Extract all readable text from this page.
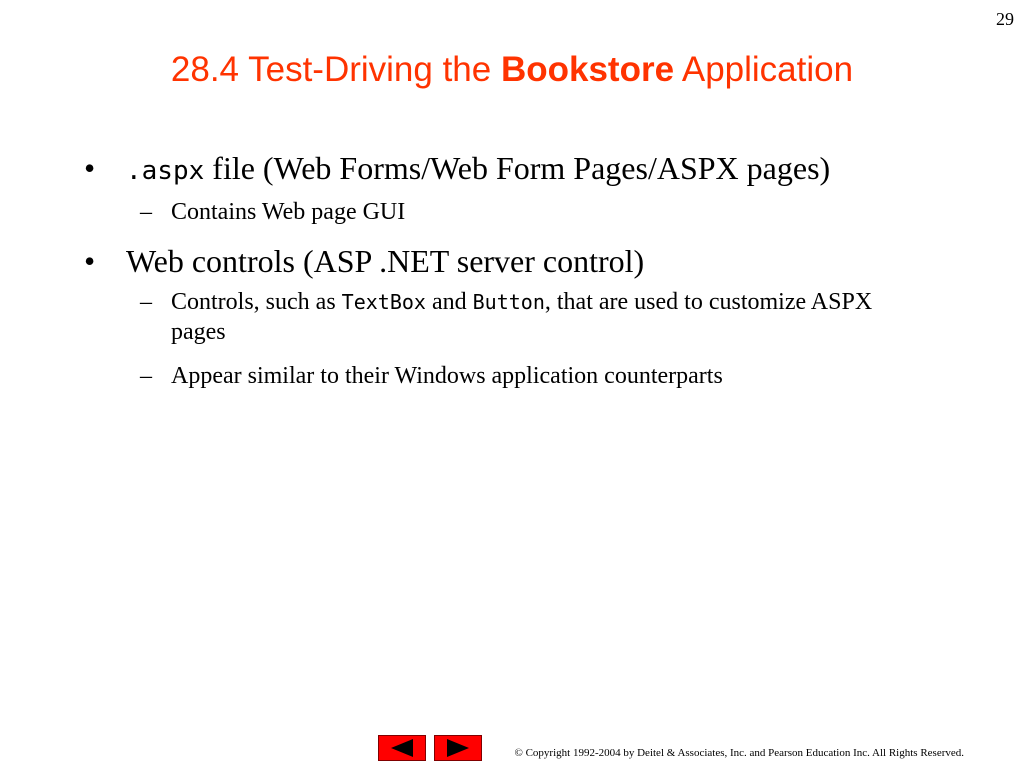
29
28.4 Test-Driving the Bookstore Application
• .aspx file (Web Forms/Web Form Pages/ASPX pages)
– Contains Web page GUI
• Web controls (ASP .NET server control)
– Controls, such as TextBox and Button, that are used to customize ASPX pages
– Appear similar to their Windows application counterparts
© Copyright 1992-2004 by Deitel & Associates, Inc. and Pearson Education Inc. All Rights Reserved.
